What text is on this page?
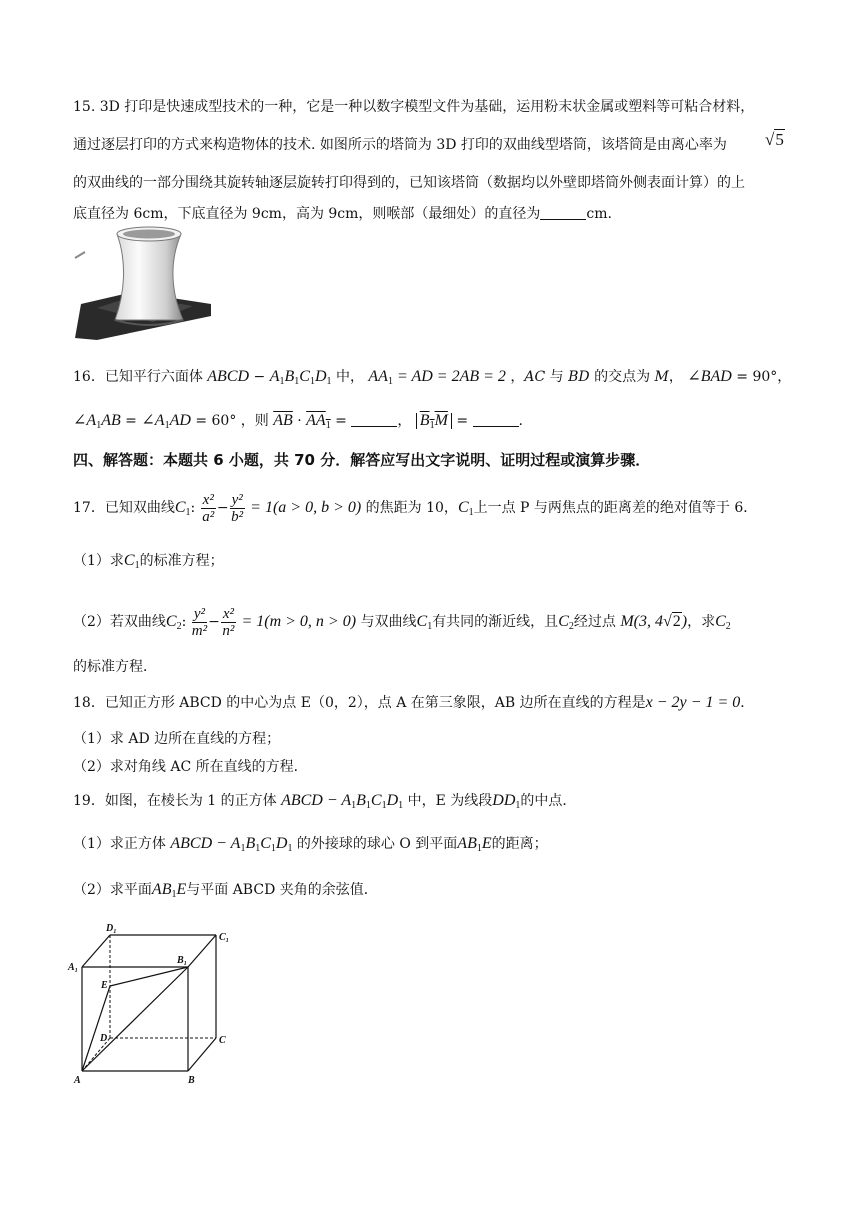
15. 3D 打印是快速成型技术的一种，它是一种以数字模型文件为基础，运用粉末状金属或塑料等可粘合材料，
通过逐层打印的方式来构造物体的技术. 如图所示的塔筒为 3D 打印的双曲线型塔筒，该塔筒是由离心率为 √5
的双曲线的一部分围绕其旋转轴逐层旋转打印得到的，已知该塔筒（数据均以外壁即塔筒外侧表面计算）的上
底直径为 6cm，下底直径为 9cm，高为 9cm，则喉部（最细处）的直径为	cm.
16．已知平行六面体 ABCD − $A_1B_1C_1D_1$ 中， $AA_1$ = AD = 2AB = 2 ，AC 与 BD 的交点为 M， ∠BAD = 90°，
$\angle A_1AB$ = $\angle A_1AD = 60^\circ$ ，则 $\overline{AB} \cdot AA_1$ =	， $B_1M$ =	.
四、解答题：本题共 6 小题，共 70 分．解答应写出文字说明、证明过程或演算步骤．
17．已知双曲线$C_1$: $\frac{\text{x²}}{\text{a²}} - \frac{\text{y²}}{\text{b²}} = 1(a > 0$, b > 0) 的焦距为 10，$C_1$上一点 P 与两焦点的距离差的绝对值等于 6．
（1）求$C_1$的标准方程；
（2）若双曲线$C_2$: $\frac{\text{y²}}{\text{m²}} - \frac{\text{x²}}{\text{n²}} = 1(m > 0$, n > 0) 与双曲线$C_1$有共同的渐近线，且$C_2$经过点 M(3, 4√2)，求$C_2$
的标准方程．
18．已知正方形 ABCD 的中心为点 E（0，2），点 A 在第三象限，AB 边所在直线的方程是x − 2y − 1 = 0．
（1）求 AD 边所在直线的方程；
（2）求对角线 AC 所在直线的方程．
19．如图，在棱长为 1 的正方体 ABCD − $A_1B_1C_1D_1$ 中，E 为线段$DD_1$的中点．
（1）求正方体 ABCD − $A_1B_1C_1D_1$ 的外接球的球心 O 到平面$AB_1E$的距离；
（2）求平面$AB_1E$与平面 ABCD 夹角的余弦值．
D₁
C₁
A₁
B₁
E
D	C
A	B
